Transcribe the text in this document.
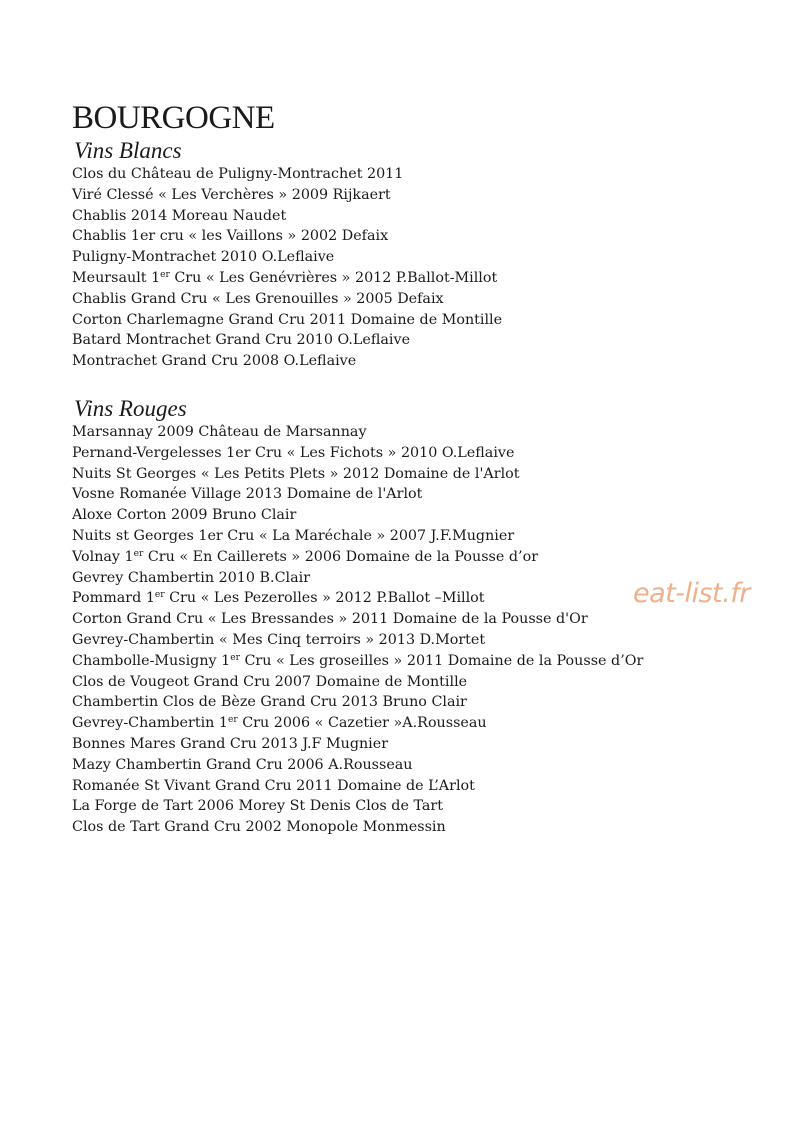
BOURGOGNE
Vins Blancs
Clos du Château de Puligny-Montrachet 2011
Viré Clessé « Les Verchères » 2009 Rijkaert
Chablis 2014 Moreau Naudet
Chablis 1er cru « les Vaillons » 2002 Defaix
Puligny-Montrachet 2010 O.Leflaive
Meursault 1er Cru « Les Genévrières » 2012 P.Ballot-Millot
Chablis Grand Cru « Les Grenouilles » 2005 Defaix
Corton Charlemagne Grand Cru 2011 Domaine de Montille
Batard Montrachet Grand Cru 2010 O.Leflaive
Montrachet Grand Cru 2008 O.Leflaive
Vins Rouges
Marsannay 2009 Château de Marsannay
Pernand-Vergelesses 1er Cru « Les Fichots » 2010 O.Leflaive
Nuits St Georges « Les Petits Plets » 2012 Domaine de l'Arlot
Vosne Romanée Village 2013 Domaine de l'Arlot
Aloxe Corton 2009 Bruno Clair
Nuits st Georges 1er Cru « La Maréchale » 2007 J.F.Mugnier
Volnay 1er Cru « En Caillerets » 2006 Domaine de la Pousse d’or
Gevrey Chambertin 2010 B.Clair
Pommard 1er Cru « Les Pezerolles » 2012 P.Ballot –Millot
Corton Grand Cru « Les Bressandes » 2011 Domaine de la Pousse d'Or
Gevrey-Chambertin « Mes Cinq terroirs » 2013 D.Mortet
Chambolle-Musigny 1er Cru « Les groseilles » 2011 Domaine de la Pousse d’Or
Clos de Vougeot Grand Cru 2007 Domaine de Montille
Chambertin Clos de Bèze Grand Cru 2013 Bruno Clair
Gevrey-Chambertin 1er Cru 2006 « Cazetier »A.Rousseau
Bonnes Mares Grand Cru 2013 J.F Mugnier
Mazy Chambertin Grand Cru 2006 A.Rousseau
Romanée St Vivant Grand Cru 2011 Domaine de L’Arlot
La Forge de Tart 2006 Morey St Denis Clos de Tart
Clos de Tart Grand Cru 2002 Monopole Monmessin
eat-list.fr
